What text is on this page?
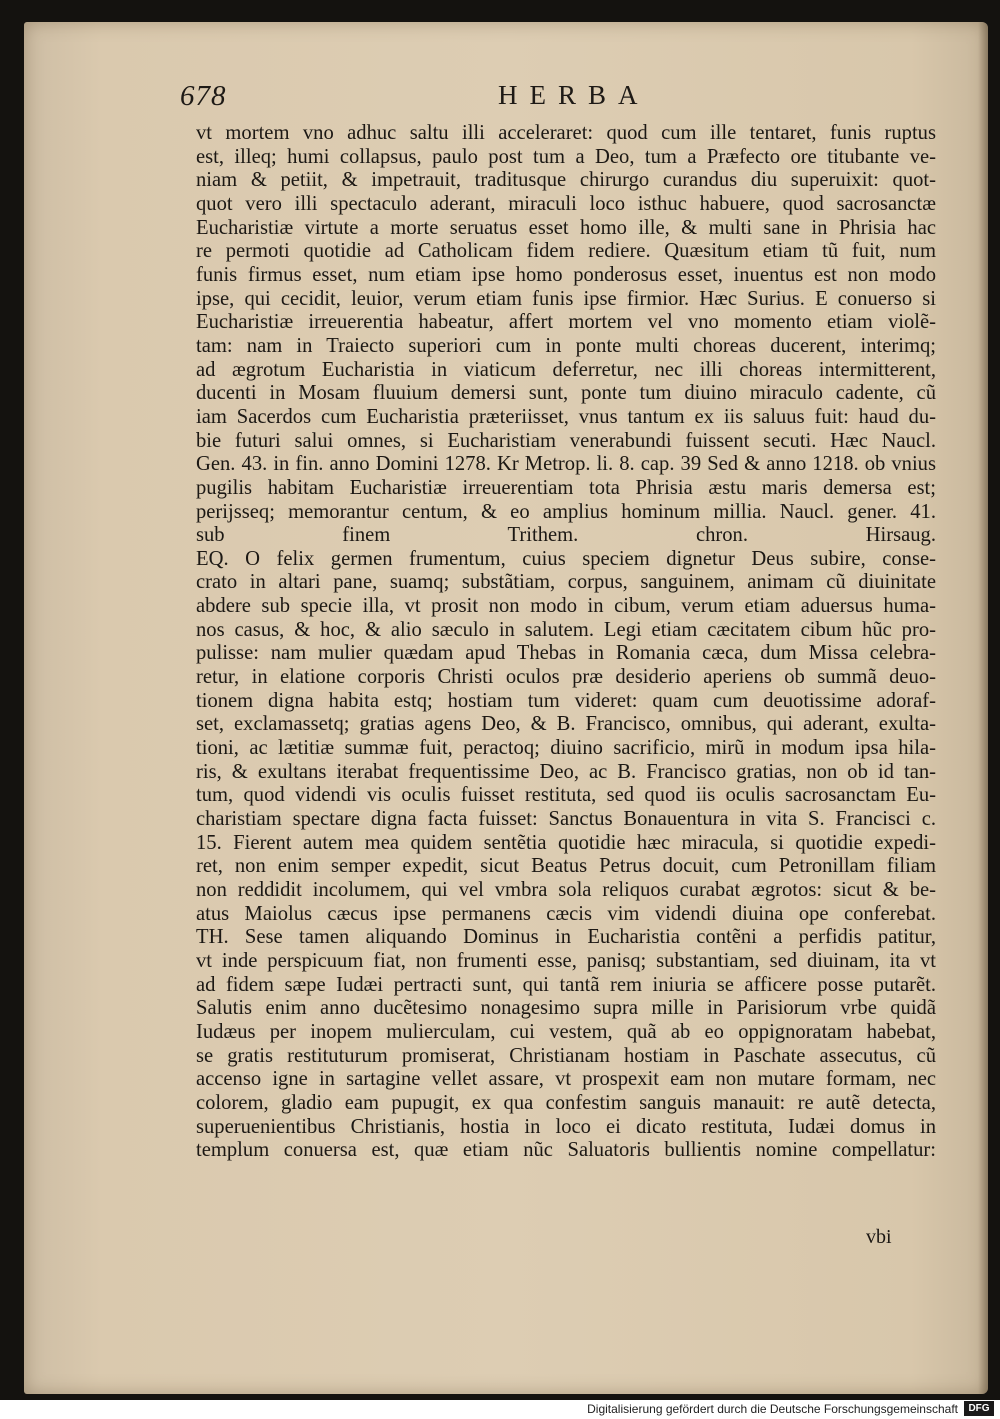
678	HERBA
vt mortem vno adhuc saltu illi acceleraret: quod cum ille tentaret, funis ruptus
est, illeq; humi collapsus, paulo post tum a Deo, tum a Præfecto ore titubante ve-
niam & petiit, & impetrauit, traditusque chirurgo curandus diu superuixit: quot-
quot vero illi spectaculo aderant, miraculi loco isthuc habuere, quod sacrosanctæ
Eucharistiæ virtute a morte seruatus esset homo ille, & multi sane in Phrisia hac
re permoti quotidie ad Catholicam fidem rediere. Quæsitum etiam tũ fuit, num
funis firmus esset, num etiam ipse homo ponderosus esset, inuentus est non modo
ipse, qui cecidit, leuior, verum etiam funis ipse firmior. Hæc Surius. E conuerso si
Eucharistiæ irreuerentia habeatur, affert mortem vel vno momento etiam violẽ-
tam: nam in Traiecto superiori cum in ponte multi choreas ducerent, interimq;
ad ægrotum Eucharistia in viaticum deferretur, nec illi choreas intermitterent,
ducenti in Mosam fluuium demersi sunt, ponte tum diuino miraculo cadente, cũ
iam Sacerdos cum Eucharistia præteriisset, vnus tantum ex iis saluus fuit: haud du-
bie futuri salui omnes, si Eucharistiam venerabundi fuissent secuti. Hæc Naucl.
Gen. 43. in fin. anno Domini 1278. Kr Metrop. li. 8. cap. 39 Sed & anno 1218. ob vnius
pugilis habitam Eucharistiæ irreuerentiam tota Phrisia æstu maris demersa est;
perijsseq; memorantur centum, & eo amplius hominum millia. Naucl. gener. 41.
sub finem Trithem. chron. Hirsaug.
EQ. O felix germen frumentum, cuius speciem dignetur Deus subire, conse-
crato in altari pane, suamq; substãtiam, corpus, sanguinem, animam cũ diuinitate
abdere sub specie illa, vt prosit non modo in cibum, verum etiam aduersus huma-
nos casus, & hoc, & alio sæculo in salutem. Legi etiam cæcitatem cibum hũc pro-
pulisse: nam mulier quædam apud Thebas in Romania cæca, dum Missa celebra-
retur, in elatione corporis Christi oculos præ desiderio aperiens ob summã deuo-
tionem digna habita estq; hostiam tum videret: quam cum deuotissime adoraf-
set, exclamassetq; gratias agens Deo, & B. Francisco, omnibus, qui aderant, exulta-
tioni, ac lætitiæ summæ fuit, peractoq; diuino sacrificio, mirũ in modum ipsa hila-
ris, & exultans iterabat frequentissime Deo, ac B. Francisco gratias, non ob id tan-
tum, quod videndi vis oculis fuisset restituta, sed quod iis oculis sacrosanctam Eu-
charistiam spectare digna facta fuisset: Sanctus Bonauentura in vita S. Francisci c.
15. Fierent autem mea quidem sentẽtia quotidie hæc miracula, si quotidie expedi-
ret, non enim semper expedit, sicut Beatus Petrus docuit, cum Petronillam filiam
non reddidit incolumem, qui vel vmbra sola reliquos curabat ægrotos: sicut & be-
atus Maiolus cæcus ipse permanens cæcis vim videndi diuina ope conferebat.
TH. Sese tamen aliquando Dominus in Eucharistia contẽni a perfidis patitur,
vt inde perspicuum fiat, non frumenti esse, panisq; substantiam, sed diuinam, ita vt
ad fidem sæpe Iudæi pertracti sunt, qui tantã rem iniuria se afficere posse putarẽt.
Salutis enim anno ducẽtesimo nonagesimo supra mille in Parisiorum vrbe quidã
Iudæus per inopem mulierculam, cui vestem, quã ab eo oppignoratam habebat,
se gratis restituturum promiserat, Christianam hostiam in Paschate assecutus, cũ
accenso igne in sartagine vellet assare, vt prospexit eam non mutare formam, nec
colorem, gladio eam pupugit, ex qua confestim sanguis manauit: re autẽ detecta,
superuenientibus Christianis, hostia in loco ei dicato restituta, Iudæi domus in
templum conuersa est, quæ etiam nũc Saluatoris bullientis nomine compellatur:
vbi
Digitalisierung gefördert durch die Deutsche Forschungsgemeinschaft	DFG
